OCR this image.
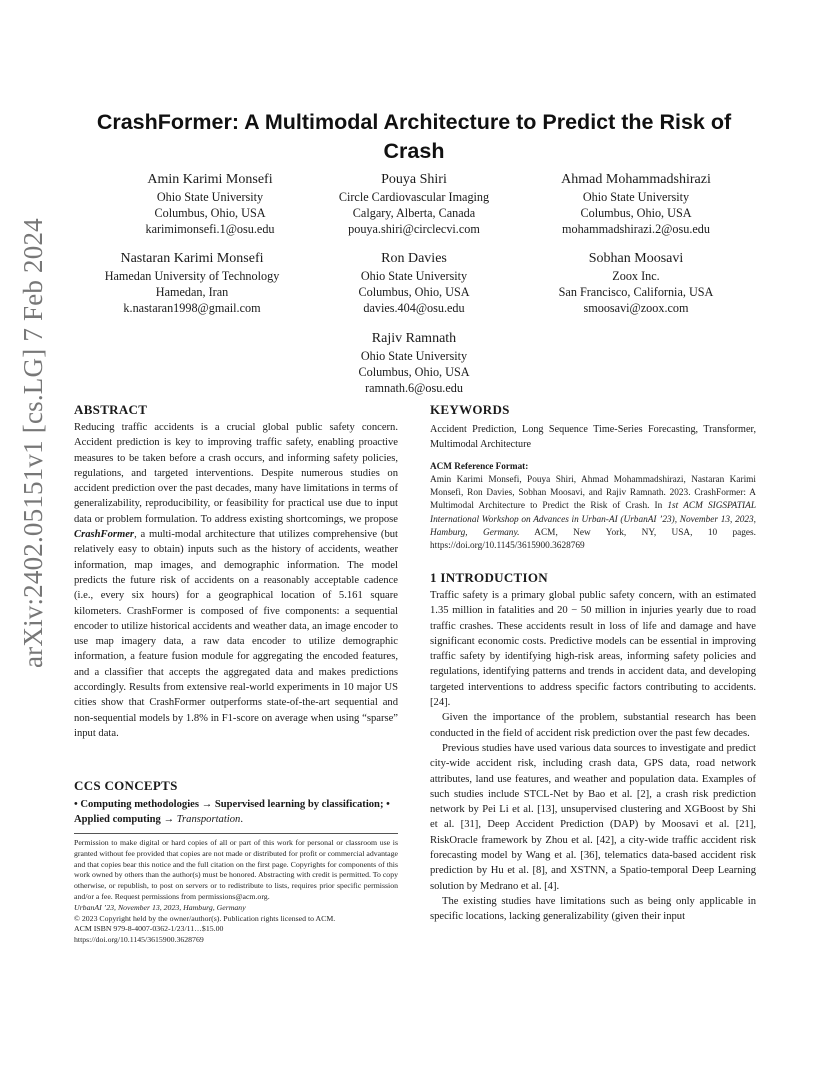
arXiv:2402.05151v1 [cs.LG] 7 Feb 2024
CrashFormer: A Multimodal Architecture to Predict the Risk of Crash
Amin Karimi Monsefi
Ohio State University
Columbus, Ohio, USA
karimimonsefi.1@osu.edu
Pouya Shiri
Circle Cardiovascular Imaging
Calgary, Alberta, Canada
pouya.shiri@circlecvi.com
Ahmad Mohammadshirazi
Ohio State University
Columbus, Ohio, USA
mohammadshirazi.2@osu.edu
Nastaran Karimi Monsefi
Hamedan University of Technology
Hamedan, Iran
k.nastaran1998@gmail.com
Ron Davies
Ohio State University
Columbus, Ohio, USA
davies.404@osu.edu
Sobhan Moosavi
Zoox Inc.
San Francisco, California, USA
smoosavi@zoox.com
Rajiv Ramnath
Ohio State University
Columbus, Ohio, USA
ramnath.6@osu.edu
ABSTRACT
Reducing traffic accidents is a crucial global public safety concern. Accident prediction is key to improving traffic safety, enabling proactive measures to be taken before a crash occurs, and informing safety policies, regulations, and targeted interventions. Despite numerous studies on accident prediction over the past decades, many have limitations in terms of generalizability, reproducibility, or feasibility for practical use due to input data or problem formulation. To address existing shortcomings, we propose CrashFormer, a multi-modal architecture that utilizes comprehensive (but relatively easy to obtain) inputs such as the history of accidents, weather information, map images, and demographic information. The model predicts the future risk of accidents on a reasonably acceptable cadence (i.e., every six hours) for a geographical location of 5.161 square kilometers. CrashFormer is composed of five components: a sequential encoder to utilize historical accidents and weather data, an image encoder to use map imagery data, a raw data encoder to utilize demographic information, a feature fusion module for aggregating the encoded features, and a classifier that accepts the aggregated data and makes predictions accordingly. Results from extensive real-world experiments in 10 major US cities show that CrashFormer outperforms state-of-the-art sequential and non-sequential models by 1.8% in F1-score on average when using “sparse” input data.
CCS CONCEPTS
• Computing methodologies → Supervised learning by classification; • Applied computing → Transportation.

Permission to make digital or hard copies of all or part of this work for personal or classroom use is granted without fee provided that copies are not made or distributed for profit or commercial advantage and that copies bear this notice and the full citation on the first page. Copyrights for components of this work owned by others than the author(s) must be honored. Abstracting with credit is permitted. To copy otherwise, or republish, to post on servers or to redistribute to lists, requires prior specific permission and/or a fee. Request permissions from permissions@acm.org.

UrbanAI ’23, November 13, 2023, Hamburg, Germany

© 2023 Copyright held by the owner/author(s). Publication rights licensed to ACM.

ACM ISBN 979-8-4007-0362-1/23/11…$15.00

https://doi.org/10.1145/3615900.3628769

KEYWORDS
Accident Prediction, Long Sequence Time-Series Forecasting, Transformer, Multimodal Architecture
ACM Reference Format:
Amin Karimi Monsefi, Pouya Shiri, Ahmad Mohammadshirazi, Nastaran Karimi Monsefi, Ron Davies, Sobhan Moosavi, and Rajiv Ramnath. 2023. CrashFormer: A Multimodal Architecture to Predict the Risk of Crash. In 1st ACM SIGSPATIAL International Workshop on Advances in Urban-AI (UrbanAI ’23), November 13, 2023, Hamburg, Germany. ACM, New York, NY, USA, 10 pages. https://doi.org/10.1145/3615900.3628769
1 INTRODUCTION

Traffic safety is a primary global public safety concern, with an estimated 1.35 million in fatalities and 20 − 50 million in injuries yearly due to road traffic crashes. These accidents result in loss of life and damage and have significant economic costs. Predictive models can be essential in improving traffic safety by identifying high-risk areas, informing safety policies and regulations, identifying patterns and trends in accident data, and developing targeted interventions to address specific factors contributing to accidents. [24].

Given the importance of the problem, substantial research has been conducted in the field of accident risk prediction over the past few decades.

Previous studies have used various data sources to investigate and predict city-wide accident risk, including crash data, GPS data, road network attributes, land use features, and weather and population data. Examples of such studies include STCL-Net by Bao et al. [2], a crash risk prediction network by Pei Li et al. [13], unsupervised clustering and XGBoost by Shi et al. [31], Deep Accident Prediction (DAP) by Moosavi et al. [21], RiskOracle framework by Zhou et al. [42], a city-wide traffic accident risk forecasting model by Wang et al. [36], telematics data-based accident risk prediction by Hu et al. [8], and XSTNN, a Spatio-temporal Deep Learning solution by Medrano et al. [4].

The existing studies have limitations such as being only applicable in specific locations, lacking generalizability (given their input
